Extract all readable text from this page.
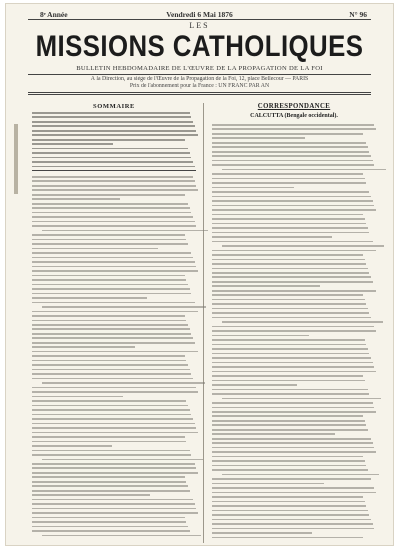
8ᵉ Année	Vendredi 6 Mai 1876	N° 96
LES
MISSIONS CATHOLIQUES
BULLETIN HEBDOMADAIRE DE L'ŒUVRE DE LA PROPAGATION DE LA FOI
À la Direction, au siège de l'Œuvre de la Propagation de la Foi, 12, place Bellecour — PARIS
Prix de l'abonnement pour la France : UN FRANC PAR AN
SOMMAIRE	CORRESPONDANCE
CALCUTTA (Bengale occidental).
